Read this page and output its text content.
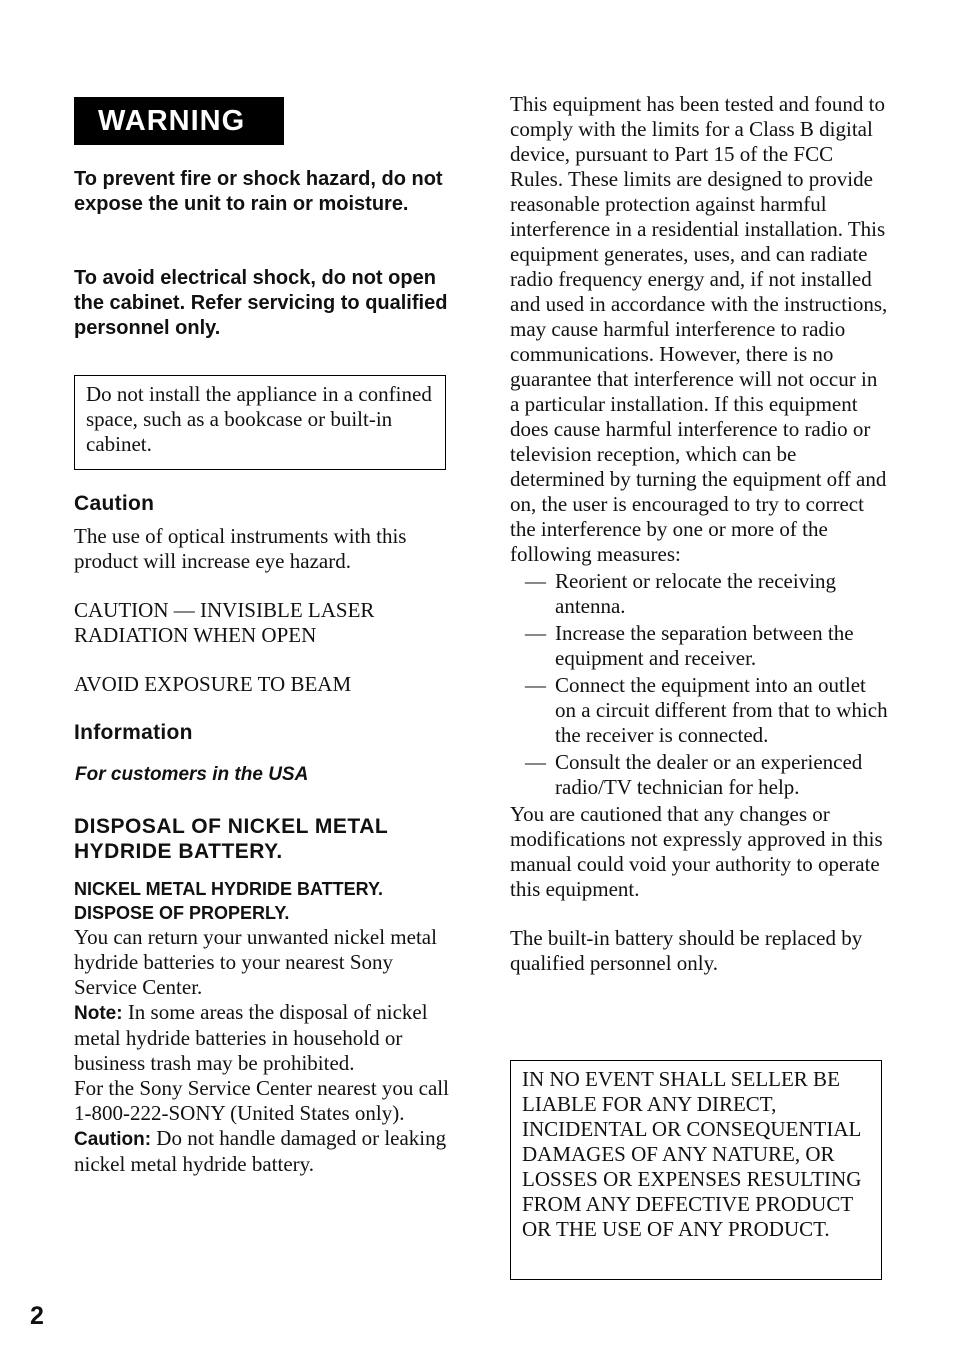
WARNING

To prevent fire or shock hazard, do not expose the unit to rain or moisture.

To avoid electrical shock, do not open the cabinet. Refer servicing to qualified personnel only.

Do not install the appliance in a confined space, such as a bookcase or built-in cabinet.
Caution

The use of optical instruments with this product will increase eye hazard.

CAUTION — INVISIBLE LASER
RADIATION WHEN OPEN

AVOID EXPOSURE TO BEAM

Information
For customers in the USA
DISPOSAL OF NICKEL METAL HYDRIDE BATTERY.
NICKEL METAL HYDRIDE BATTERY. DISPOSE OF PROPERLY.

You can return your unwanted nickel metal hydride batteries to your nearest Sony Service Center.

Note: In some areas the disposal of nickel metal hydride batteries in household or business trash may be prohibited.

For the Sony Service Center nearest you call 1-800-222-SONY (United States only).

Caution: Do not handle damaged or leaking nickel metal hydride battery.

This equipment has been tested and found to comply with the limits for a Class B digital device, pursuant to Part 15 of the FCC Rules. These limits are designed to provide reasonable protection against harmful interference in a residential installation. This equipment generates, uses, and can radiate radio frequency energy and, if not installed and used in accordance with the instructions, may cause harmful interference to radio communications. However, there is no guarantee that interference will not occur in a particular installation. If this equipment does cause harmful interference to radio or television reception, which can be determined by turning the equipment off and on, the user is encouraged to try to correct the interference by one or more of the following measures:

— Reorient or relocate the receiving antenna.
— Increase the separation between the equipment and receiver.
— Connect the equipment into an outlet on a circuit different from that to which the receiver is connected.
— Consult the dealer or an experienced radio/TV technician for help.

You are cautioned that any changes or modifications not expressly approved in this manual could void your authority to operate this equipment.

The built-in battery should be replaced by qualified personnel only.

IN NO EVENT SHALL SELLER BE LIABLE FOR ANY DIRECT, INCIDENTAL OR CONSEQUENTIAL DAMAGES OF ANY NATURE, OR LOSSES OR EXPENSES RESULTING FROM ANY DEFECTIVE PRODUCT OR THE USE OF ANY PRODUCT.
2
